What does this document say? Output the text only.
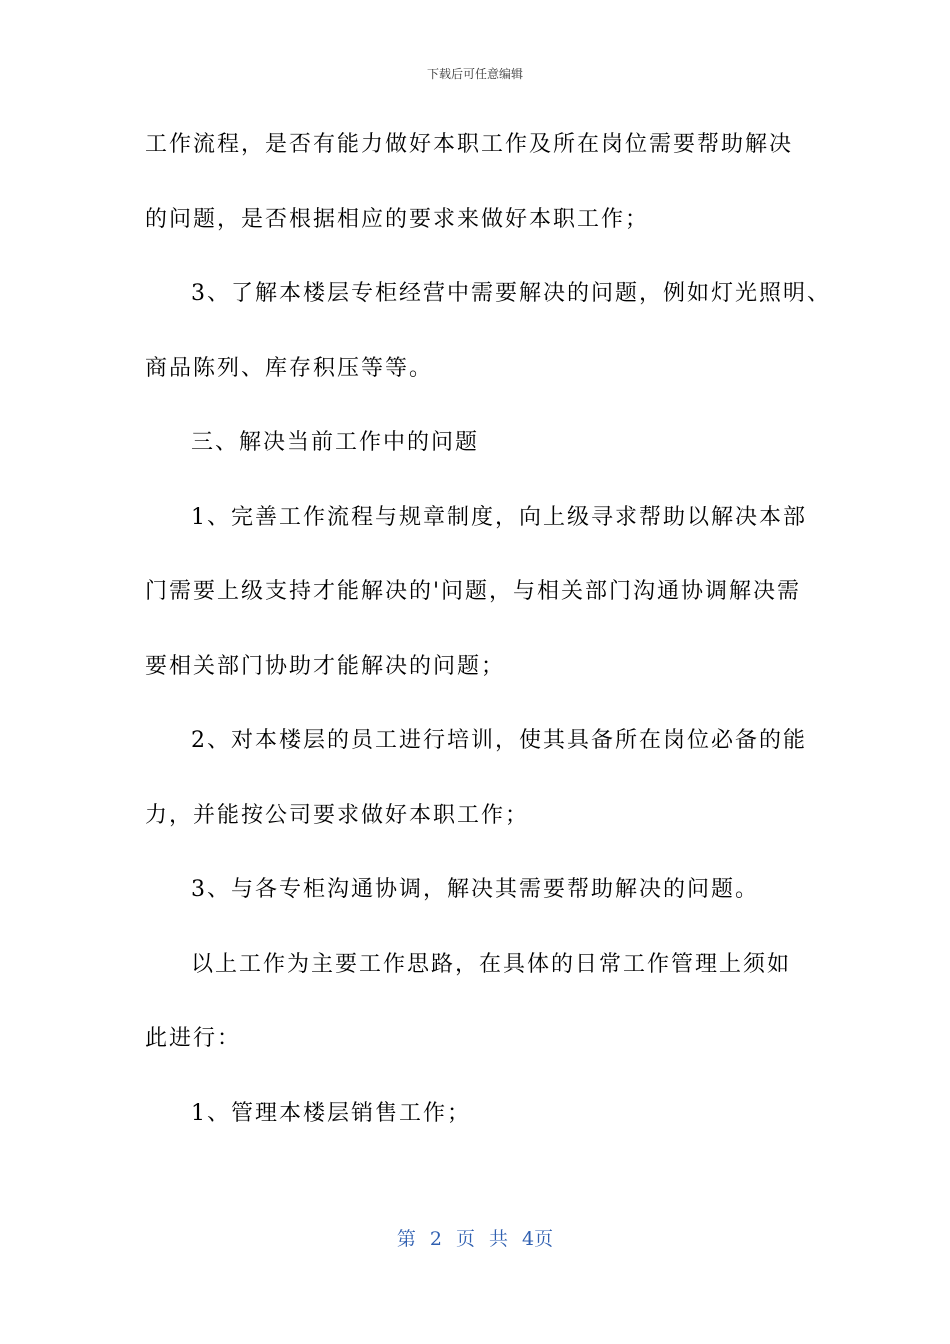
下载后可任意编辑
工作流程，是否有能力做好本职工作及所在岗位需要帮助解决
的问题，是否根据相应的要求来做好本职工作；
3、了解本楼层专柜经营中需要解决的问题，例如灯光照明、
商品陈列、库存积压等等。
三、解决当前工作中的问题
1、完善工作流程与规章制度，向上级寻求帮助以解决本部
门需要上级支持才能解决的'问题，与相关部门沟通协调解决需
要相关部门协助才能解决的问题；
2、对本楼层的员工进行培训，使其具备所在岗位必备的能
力，并能按公司要求做好本职工作；
3、与各专柜沟通协调，解决其需要帮助解决的问题。
以上工作为主要工作思路，在具体的日常工作管理上须如
此进行：
1、管理本楼层销售工作；
第 2 页 共 4页
